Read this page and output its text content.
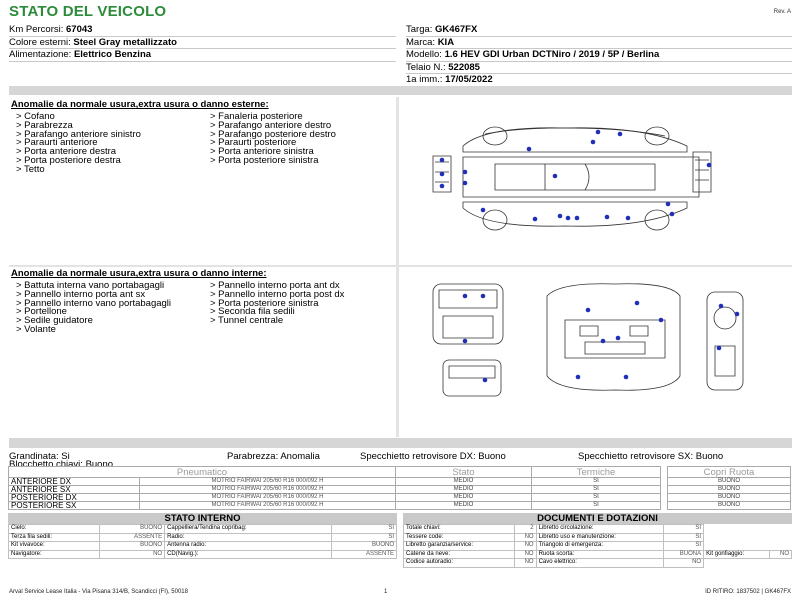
STATO DEL VEICOLO	Rev. A
Km Percorsi: 67043
Colore esterni: Steel Gray metallizzato
Alimentazione: Elettrico Benzina
Targa: GK467FX
Marca: KIA
Modello: 1.6 HEV GDI Urban DCTNiro / 2019 / 5P / Berlina
Telaio N.: 522085
1a imm.: 17/05/2022
Anomalie da normale usura,extra usura o danno esterne:
> Cofano
> Parabrezza
> Parafango anteriore sinistro
> Paraurti anteriore
> Porta anteriore destra
> Porta posteriore destra
> Tetto
> Fanaleria posteriore
> Parafango anteriore destro
> Parafango posteriore destro
> Paraurti posteriore
> Porta anteriore sinistra
> Porta posteriore sinistra
Anomalie da normale usura,extra usura o danno interne:
> Battuta interna vano portabagagli
> Pannello interno porta ant sx
> Pannello interno vano portabagagli
> Portellone
> Sedile guidatore
> Volante
> Pannello interno porta ant dx
> Pannello interno porta post dx
> Porta posteriore sinistra
> Seconda fila sedili
> Tunnel centrale
Grandinata: Si	Parabrezza: Anomalia	Specchietto retrovisore DX: Buono	Specchietto retrovisore SX: Buono
Blocchetto chiavi: Buono
Pneumatico		Stato	Termiche
ANTERIORE DX	MOTRIO FAIRWAI 205/60 R16 000/092 H	MEDIO	SI
ANTERIORE SX	MOTRIO FAIRWAI 205/60 R16 000/092 H	MEDIO	SI
POSTERIORE DX	MOTRIO FAIRWAI 205/60 R16 000/092 H	MEDIO	SI
POSTERIORE SX	MOTRIO FAIRWAI 205/60 R16 000/092 H	MEDIO	SI
Copri Ruota
BUONO
BUONO
BUONO
BUONO
STATO INTERNO
Cielo:	BUONO	Cappelliera/Tendina copribag:	SI
Terza fila sedili:	ASSENTE	Radio:	SI
Kit vivavoce:	BUONO	Antenna radio:	BUONO
Navigatore:	NO	CD(Navig.):	ASSENTE
DOCUMENTI E DOTAZIONI
Totale chiavi:	2	Libretto circolazione:	SI		
Tessere code:	NO	Libretto uso e manutenzione:	SI		
Libretto garanzia/service:	NO	Triangolo di emergenza:	SI		
Catene da neve:	NO	Ruota scorta:	BUONA	Kit gonfiaggio:	NO
Codice autoradio:	NO	Cavo elettrico:	NO		
Arval Service Lease Italia - Via Pisana 314/B, Scandicci (FI), 50018	1	ID RITIRO: 1837502 | GK467FX
